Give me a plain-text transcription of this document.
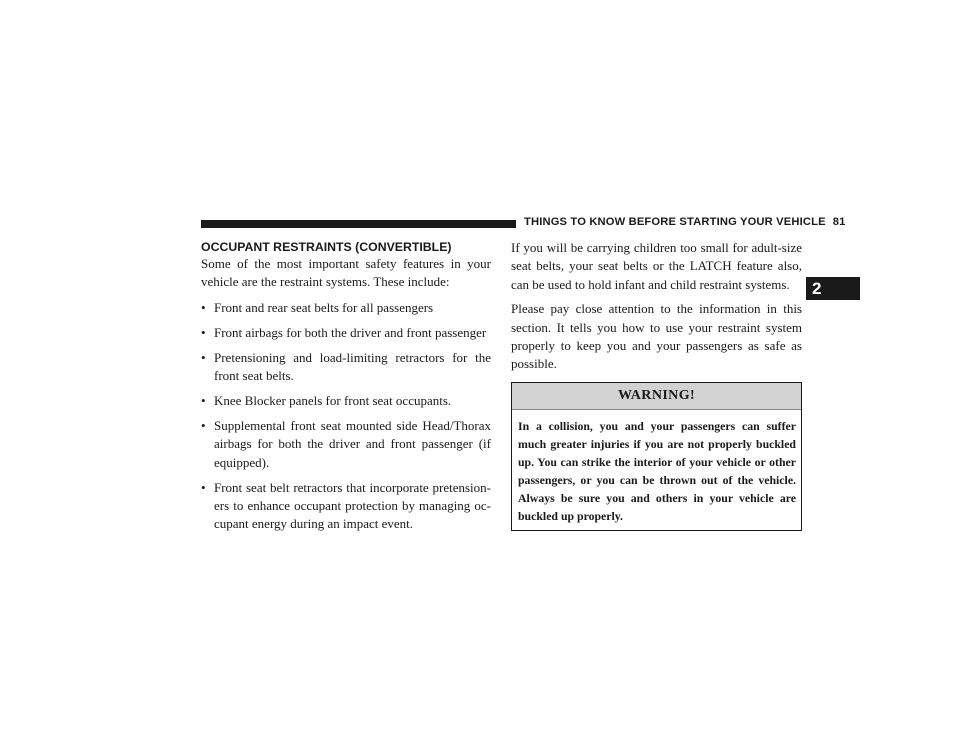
THINGS TO KNOW BEFORE STARTING YOUR VEHICLE 81
2
OCCUPANT RESTRAINTS (CONVERTIBLE)

Some of the most important safety features in your vehicle are the restraint systems. These include:

• Front and rear seat belts for all passengers
• Front airbags for both the driver and front passenger
• Pretensioning and load-limiting retractors for the front seat belts.
• Knee Blocker panels for front seat occupants.
• Supplemental front seat mounted side Head/Thorax airbags for both the driver and front passenger (if equipped).
• Front seat belt retractors that incorporate pretension-ers to enhance occupant protection by managing oc-cupant energy during an impact event.

If you will be carrying children too small for adult-size seat belts, your seat belts or the LATCH feature also, can be used to hold infant and child restraint systems.

Please pay close attention to the information in this section. It tells you how to use your restraint system properly to keep you and your passengers as safe as possible.

WARNING!
In a collision, you and your passengers can suffer much greater injuries if you are not properly buckled up. You can strike the interior of your vehicle or other passengers, or you can be thrown out of the vehicle. Always be sure you and others in your vehicle are buckled up properly.
